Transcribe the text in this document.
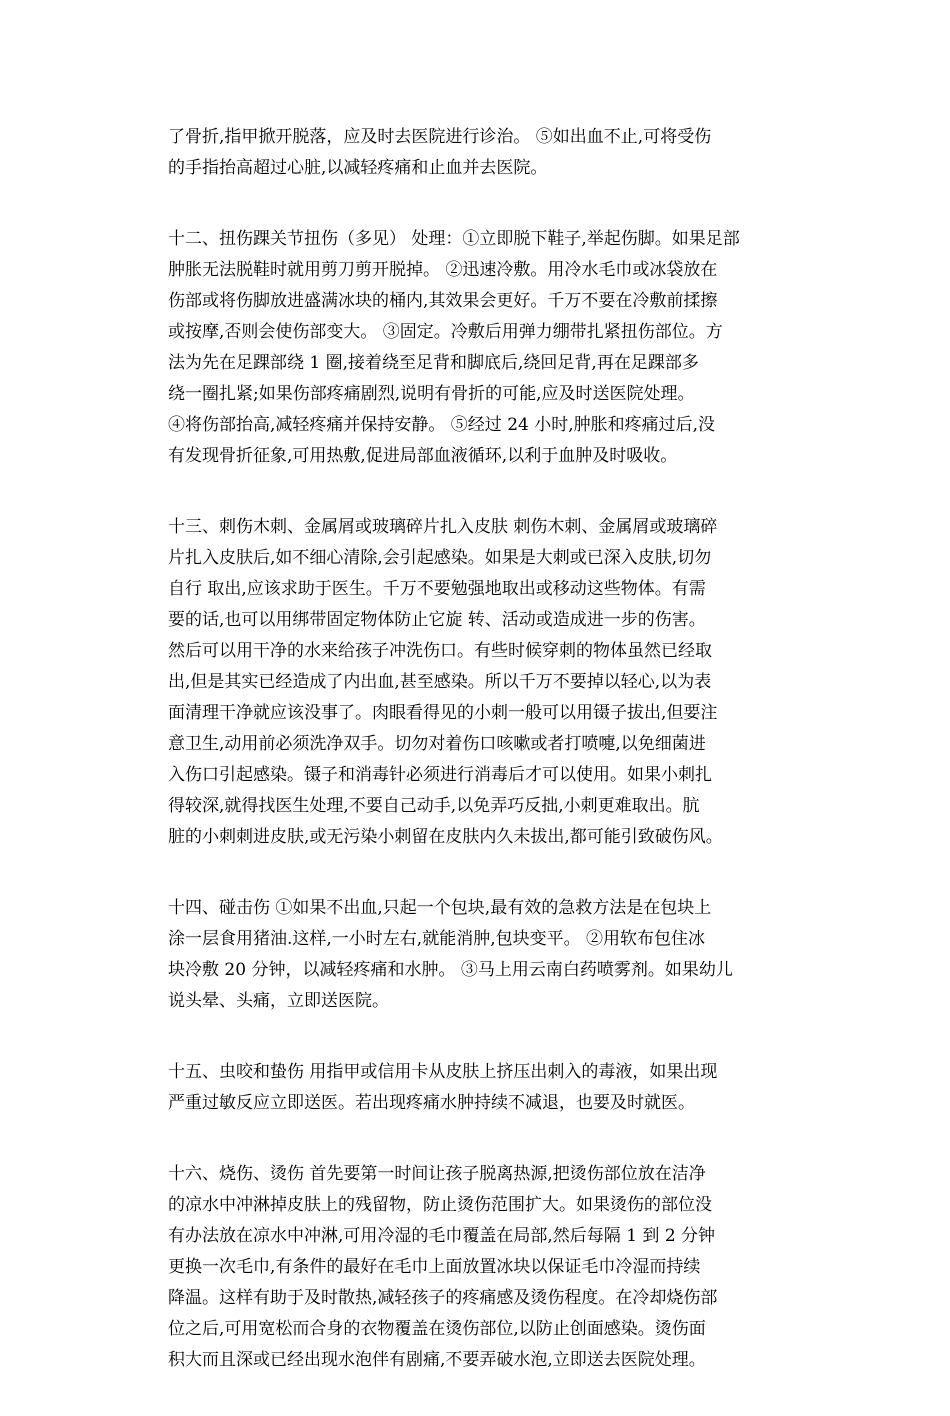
了骨折,指甲掀开脱落，应及时去医院进行诊治。 ⑤如出血不止,可将受伤
的手指抬高超过心脏,以减轻疼痛和止血并去医院。

十二、扭伤踝关节扭伤（多见） 处理：①立即脱下鞋子,举起伤脚。如果足部
肿胀无法脱鞋时就用剪刀剪开脱掉。 ②迅速冷敷。用冷水毛巾或冰袋放在
伤部或将伤脚放进盛满冰块的桶内,其效果会更好。千万不要在冷敷前揉擦
或按摩,否则会使伤部变大。 ③固定。冷敷后用弹力绷带扎紧扭伤部位。方
法为先在足踝部绕 1 圈,接着绕至足背和脚底后,绕回足背,再在足踝部多
绕一圈扎紧;如果伤部疼痛剧烈,说明有骨折的可能,应及时送医院处理。
④将伤部抬高,减轻疼痛并保持安静。 ⑤经过 24 小时,肿胀和疼痛过后,没
有发现骨折征象,可用热敷,促进局部血液循环,以利于血肿及时吸收。

十三、刺伤木刺、金属屑或玻璃碎片扎入皮肤 刺伤木刺、金属屑或玻璃碎
片扎入皮肤后,如不细心清除,会引起感染。如果是大刺或已深入皮肤,切勿
自行 取出,应该求助于医生。千万不要勉强地取出或移动这些物体。有需
要的话,也可以用绑带固定物体防止它旋 转、活动或造成进一步的伤害。
然后可以用干净的水来给孩子冲洗伤口。有些时候穿刺的物体虽然已经取
出,但是其实已经造成了内出血,甚至感染。所以千万不要掉以轻心,以为表
面清理干净就应该没事了。肉眼看得见的小刺一般可以用镊子拔出,但要注
意卫生,动用前必须洗净双手。切勿对着伤口咳嗽或者打喷嚏,以免细菌进
入伤口引起感染。镊子和消毒针必须进行消毒后才可以使用。如果小刺扎
得较深,就得找医生处理,不要自己动手,以免弄巧反拙,小刺更难取出。肮
脏的小刺刺进皮肤,或无污染小刺留在皮肤内久未拔出,都可能引致破伤风。

十四、碰击伤 ①如果不出血,只起一个包块,最有效的急救方法是在包块上
涂一层食用猪油.这样,一小时左右,就能消肿,包块变平。 ②用软布包住冰
块冷敷 20 分钟，以减轻疼痛和水肿。 ③马上用云南白药喷雾剂。如果幼儿
说头晕、头痛，立即送医院。

十五、虫咬和蛰伤 用指甲或信用卡从皮肤上挤压出刺入的毒液，如果出现
严重过敏反应立即送医。若出现疼痛水肿持续不减退，也要及时就医。

十六、烧伤、烫伤 首先要第一时间让孩子脱离热源,把烫伤部位放在洁净
的凉水中冲淋掉皮肤上的残留物，防止烫伤范围扩大。如果烫伤的部位没
有办法放在凉水中冲淋,可用冷湿的毛巾覆盖在局部,然后每隔 1 到 2 分钟
更换一次毛巾,有条件的最好在毛巾上面放置冰块以保证毛巾冷湿而持续
降温。这样有助于及时散热,减轻孩子的疼痛感及烫伤程度。在冷却烧伤部
位之后,可用宽松而合身的衣物覆盖在烫伤部位,以防止创面感染。烫伤面
积大而且深或已经出现水泡伴有剧痛,不要弄破水泡,立即送去医院处理。
